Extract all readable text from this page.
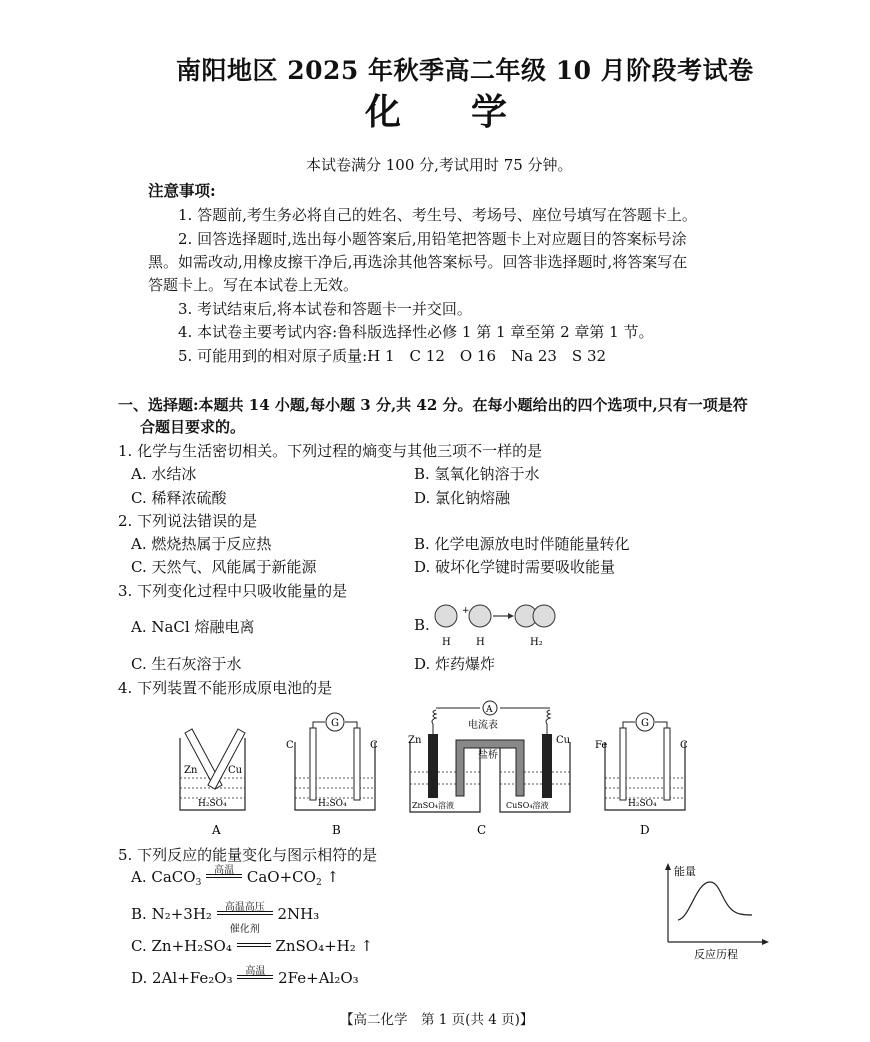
南阳地区 2025 年秋季高二年级 10 月阶段考试卷
化学
本试卷满分 100 分,考试用时 75 分钟。
注意事项:
1. 答题前,考生务必将自己的姓名、考生号、考场号、座位号填写在答题卡上。
2. 回答选择题时,选出每小题答案后,用铅笔把答题卡上对应题目的答案标号涂
黑。如需改动,用橡皮擦干净后,再选涂其他答案标号。回答非选择题时,将答案写在
答题卡上。写在本试卷上无效。
3. 考试结束后,将本试卷和答题卡一并交回。
4. 本试卷主要考试内容:鲁科版选择性必修 1 第 1 章至第 2 章第 1 节。
5. 可能用到的相对原子质量:H 1　C 12　O 16　Na 23　S 32
一、选择题:本题共 14 小题,每小题 3 分,共 42 分。在每小题给出的四个选项中,只有一项是符
合题目要求的。
1. 化学与生活密切相关。下列过程的熵变与其他三项不一样的是
A. 水结冰	B. 氢氧化钠溶于水
C. 稀释浓硫酸	D. 氯化钠熔融
2. 下列说法错误的是
A. 燃烧热属于反应热	B. 化学电源放电时伴随能量转化
C. 天然气、风能属于新能源	D. 破坏化学键时需要吸收能量
3. 下列变化过程中只吸收能量的是
A. NaCl 熔融电离	B.
+
H	H	H₂
C. 生石灰溶于水	D. 炸药爆炸
4. 下列装置不能形成原电池的是
Zn	Cu
H₂SO₄
A
G
C	C
H₂SO₄
B
A
电流表
盐桥
Zn	Cu
ZnSO₄溶液	CuSO₄溶液
C
G
Fe	C
H₂SO₄
D
5. 下列反应的能量变化与图示相符的是
A. CaCO$_3$
高温 $CaO+CO_2$ ↑
B. N₂+3H₂	高温高压
催化剂
2NH₃
C. Zn+H₂SO₄	ZnSO₄+H₂ ↑
D. 2Al+Fe₂O₃	高温 2Fe+Al₂O₃
能量
反应历程
【高二化学　第 1 页(共 4 页)】
